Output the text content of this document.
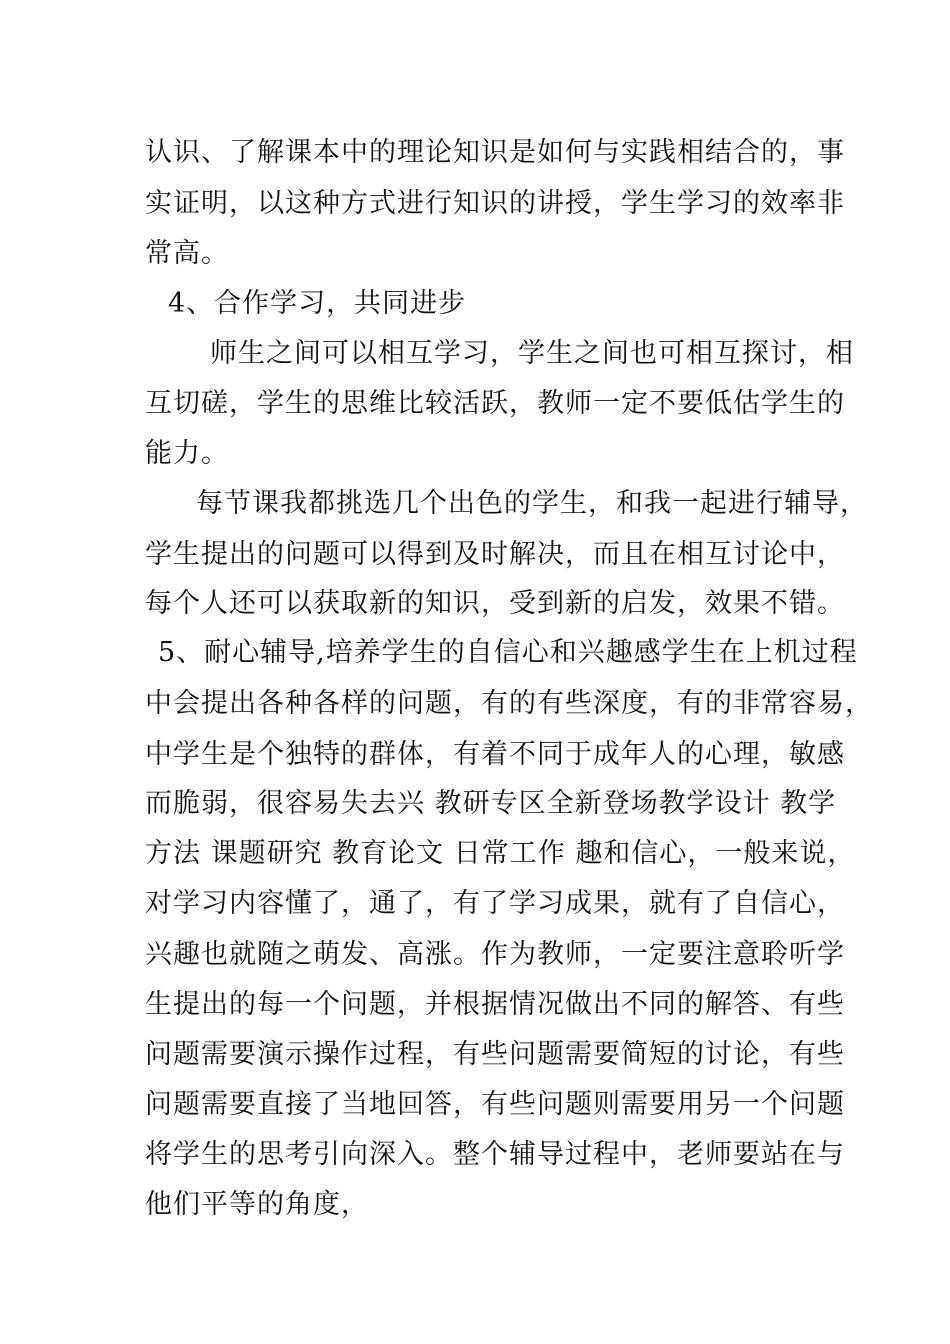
认识、了解课本中的理论知识是如何与实践相结合的，事
实证明，以这种方式进行知识的讲授，学生学习的效率非
常高。
4、合作学习，共同进步
师生之间可以相互学习，学生之间也可相互探讨，相
互切磋，学生的思维比较活跃，教师一定不要低估学生的
能力。
每节课我都挑选几个出色的学生，和我一起进行辅导，
学生提出的问题可以得到及时解决，而且在相互讨论中，
每个人还可以获取新的知识，受到新的启发，效果不错。
5、耐心辅导,培养学生的自信心和兴趣感学生在上机过程
中会提出各种各样的问题，有的有些深度，有的非常容易，
中学生是个独特的群体，有着不同于成年人的心理，敏感
而脆弱，很容易失去兴 教研专区全新登场教学设计 教学
方法 课题研究 教育论文 日常工作 趣和信心，一般来说，
对学习内容懂了，通了，有了学习成果，就有了自信心，
兴趣也就随之萌发、高涨。作为教师，一定要注意聆听学
生提出的每一个问题，并根据情况做出不同的解答、有些
问题需要演示操作过程，有些问题需要简短的讨论，有些
问题需要直接了当地回答，有些问题则需要用另一个问题
将学生的思考引向深入。整个辅导过程中，老师要站在与
他们平等的角度，
